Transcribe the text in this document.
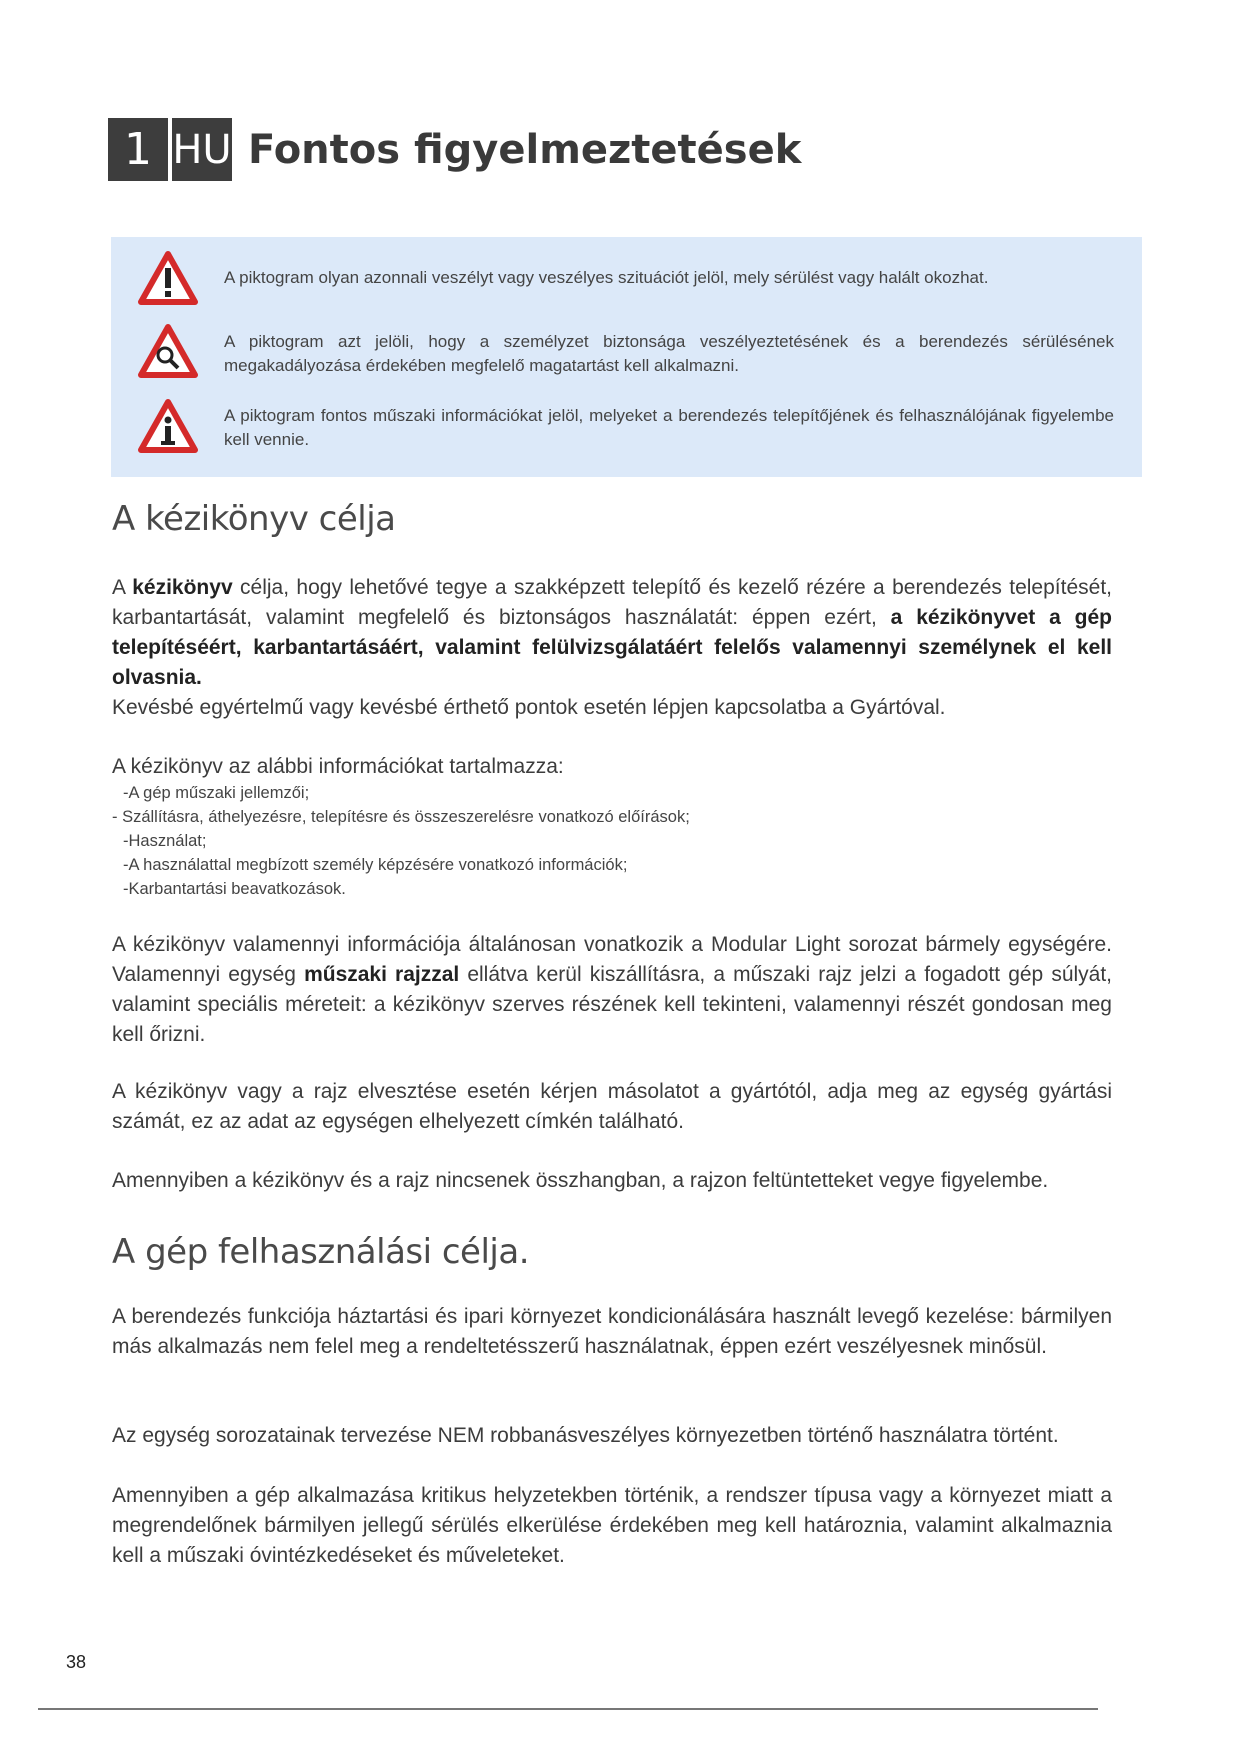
1 HU Fontos figyelmeztetések
A piktogram olyan azonnali veszélyt vagy veszélyes szituációt jelöl, mely sérülést vagy halált okozhat.
A piktogram azt jelöli, hogy a személyzet biztonsága veszélyeztetésének és a berendezés sérülésének megakadályozása érdekében megfelelő magatartást kell alkalmazni.
A piktogram fontos műszaki információkat jelöl, melyeket a berendezés telepítőjének és felhasználójának figyelembe kell vennie.
A kézikönyv célja

A kézikönyv célja, hogy lehetővé tegye a szakképzett telepítő és kezelő rézére a berendezés telepítését, karbantartását, valamint megfelelő és biztonságos használatát: éppen ezért, a kézikönyvet a gép telepítéséért, karbantartásáért, valamint felülvizsgálatáért felelős valamennyi személynek el kell olvasnia.

Kevésbé egyértelmű vagy kevésbé érthető pontok esetén lépjen kapcsolatba a Gyártóval.

A kézikönyv az alábbi információkat tartalmazza:

-A gép műszaki jellemzői;
- Szállításra, áthelyezésre, telepítésre és összeszerelésre vonatkozó előírások;
-Használat;
-A használattal megbízott személy képzésére vonatkozó információk;
-Karbantartási beavatkozások.

A kézikönyv valamennyi információja általánosan vonatkozik a Modular Light sorozat bármely egységére. Valamennyi egység műszaki rajzzal ellátva kerül kiszállításra, a műszaki rajz jelzi a fogadott gép súlyát, valamint speciális méreteit: a kézikönyv szerves részének kell tekinteni, valamennyi részét gondosan meg kell őrizni.

A kézikönyv vagy a rajz elvesztése esetén kérjen másolatot a gyártótól, adja meg az egység gyártási számát, ez az adat az egységen elhelyezett címkén található.

Amennyiben a kézikönyv és a rajz nincsenek összhangban, a rajzon feltüntetteket vegye figyelembe.

A gép felhasználási célja.

A berendezés funkciója háztartási és ipari környezet kondicionálására használt levegő kezelése: bármilyen más alkalmazás nem felel meg a rendeltetésszerű használatnak, éppen ezért veszélyesnek minősül.

Az egység sorozatainak tervezése NEM robbanásveszélyes környezetben történő használatra történt.

Amennyiben a gép alkalmazása kritikus helyzetekben történik, a rendszer típusa vagy a környezet miatt a megrendelőnek bármilyen jellegű sérülés elkerülése érdekében meg kell határoznia, valamint alkalmaznia kell a műszaki óvintézkedéseket és műveleteket.

38
